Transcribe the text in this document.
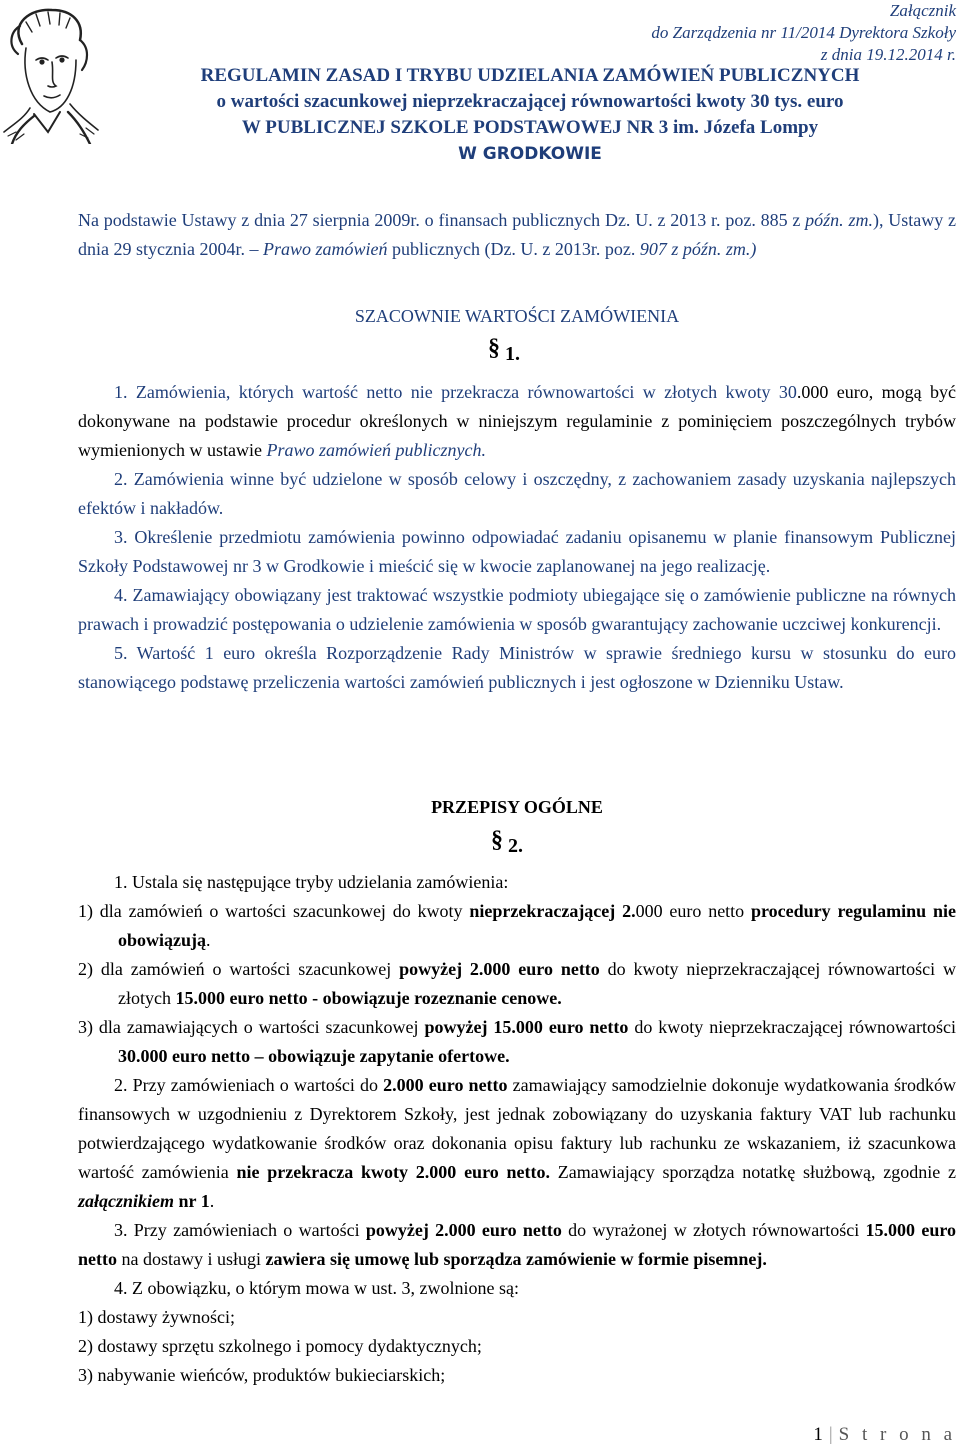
Załącznik
do Zarządzenia nr 11/2014 Dyrektora Szkoły
z dnia 19.12.2014 r.
REGULAMIN ZASAD I TRYBU UDZIELANIA ZAMÓWIEŃ PUBLICZNYCH
o wartości szacunkowej nieprzekraczającej równowartości kwoty 30 tys. euro
W PUBLICZNEJ SZKOLE PODSTAWOWEJ NR 3 im. Józefa Lompy
W GRODKOWIE
Na podstawie Ustawy z dnia 27 sierpnia 2009r. o finansach publicznych Dz. U. z 2013 r. poz. 885 z późn. zm.), Ustawy z dnia 29 stycznia 2004r. – Prawo zamówień publicznych (Dz. U. z 2013r. poz. 907 z późn. zm.)
SZACOWNIE WARTOŚCI ZAMÓWIENIA
§ 1.

1. Zamówienia, których wartość netto nie przekracza równowartości w złotych kwoty 30.000 euro, mogą być dokonywane na podstawie procedur określonych w niniejszym regulaminie z pominięciem poszczególnych trybów wymienionych w ustawie Prawo zamówień publicznych.

2. Zamówienia winne być udzielone w sposób celowy i oszczędny, z zachowaniem zasady uzyskania najlepszych efektów i nakładów.

3. Określenie przedmiotu zamówienia powinno odpowiadać zadaniu opisanemu w planie finansowym Publicznej Szkoły Podstawowej nr 3 w Grodkowie i mieścić się w kwocie zaplanowanej na jego realizację.

4. Zamawiający obowiązany jest traktować wszystkie podmioty ubiegające się o zamówienie publiczne na równych prawach i prowadzić postępowania o udzielenie zamówienia w sposób gwarantujący zachowanie uczciwej konkurencji.

5. Wartość 1 euro określa Rozporządzenie Rady Ministrów w sprawie średniego kursu w stosunku do euro stanowiącego podstawę przeliczenia wartości zamówień publicznych i jest ogłoszone w Dzienniku Ustaw.

PRZEPISY OGÓLNE
§ 2.

1. Ustala się następujące tryby udzielania zamówienia:

1) dla zamówień o wartości szacunkowej do kwoty nieprzekraczającej 2.000 euro netto procedury regulaminu nie obowiązują.

2) dla zamówień o wartości szacunkowej powyżej 2.000 euro netto do kwoty nieprzekraczającej równowartości w złotych 15.000 euro netto - obowiązuje rozeznanie cenowe.

3) dla zamawiających o wartości szacunkowej powyżej 15.000 euro netto do kwoty nieprzekraczającej równowartości 30.000 euro netto – obowiązuje zapytanie ofertowe.

2. Przy zamówieniach o wartości do 2.000 euro netto zamawiający samodzielnie dokonuje wydatkowania środków finansowych w uzgodnieniu z Dyrektorem Szkoły, jest jednak zobowiązany do uzyskania faktury VAT lub rachunku potwierdzającego wydatkowanie środków oraz dokonania opisu faktury lub rachunku ze wskazaniem, iż szacunkowa wartość zamówienia nie przekracza kwoty 2.000 euro netto. Zamawiający sporządza notatkę służbową, zgodnie z załącznikiem nr 1.

3. Przy zamówieniach o wartości powyżej 2.000 euro netto do wyrażonej w złotych równowartości 15.000 euro netto na dostawy i usługi zawiera się umowę lub sporządza zamówienie w formie pisemnej.

4. Z obowiązku, o którym mowa w ust. 3, zwolnione są:

1) dostawy żywności;

2) dostawy sprzętu szkolnego i pomocy dydaktycznych;

3) nabywanie wieńców, produktów bukieciarskich;

1 | S t r o n a
